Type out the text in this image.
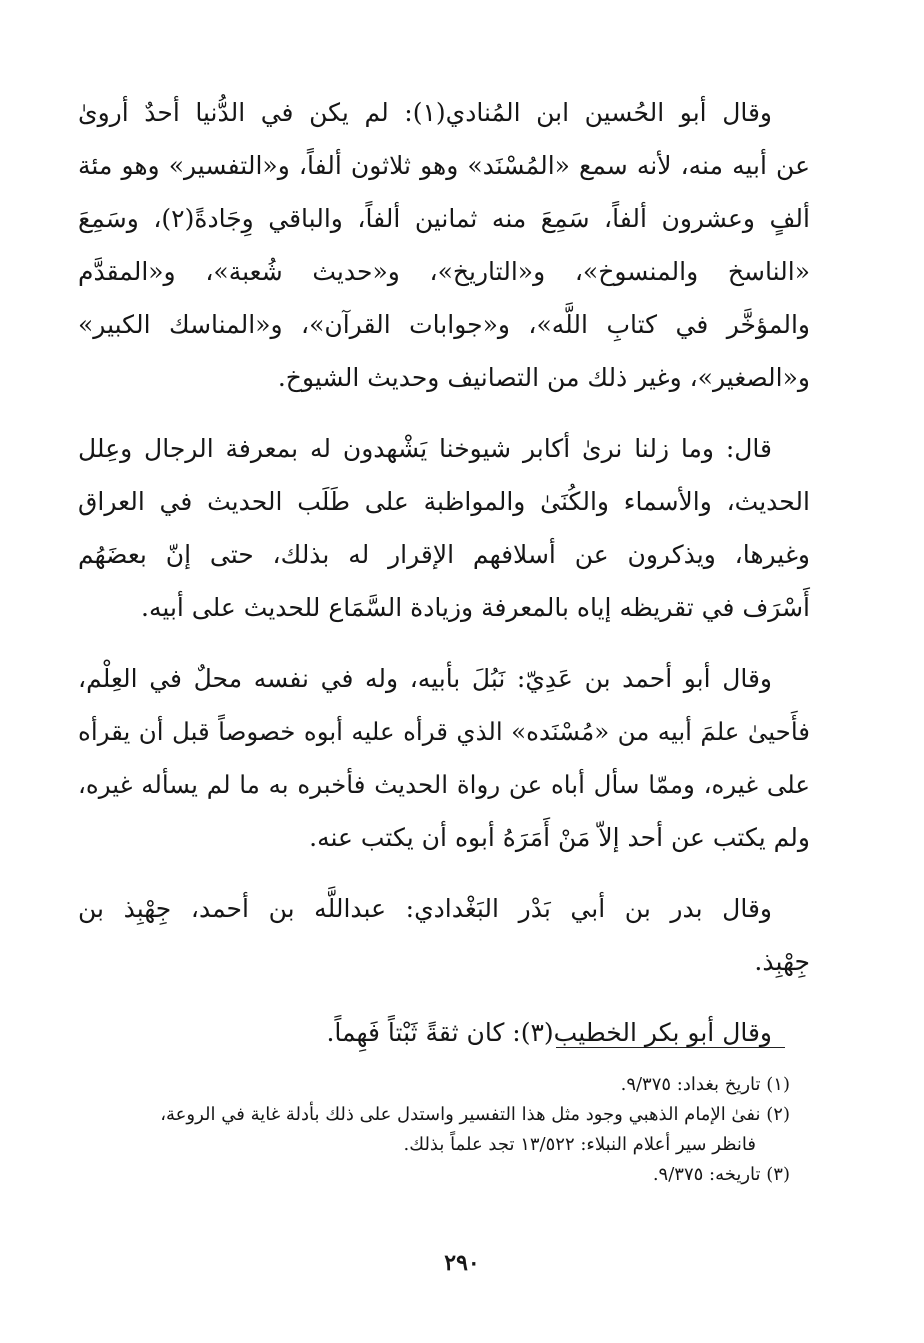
وقال أبو الحُسين ابن المُنادي(١): لم يكن في الدُّنيا أحدٌ أروىٰ
عن أبيه منه، لأنه سمع «المُسْنَد» وهو ثلاثون ألفاً، و«التفسير» وهو مئة
ألفٍ وعشرون ألفاً، سَمِعَ منه ثمانين ألفاً، والباقي وِجَادةً(٢)، وسَمِعَ
«الناسخ والمنسوخ»، و«التاريخ»، و«حديث شُعبة»، و«المقدَّم
والمؤخَّر في كتابِ اللَّه»، و«جوابات القرآن»، و«المناسك الكبير»
و«الصغير»، وغير ذلك من التصانيف وحديث الشيوخ.
قال: وما زلنا نرىٰ أكابر شيوخنا يَشْهدون له بمعرفة الرجال وعِلل
الحديث، والأسماء والكُنَىٰ والمواظبة على طَلَب الحديث في العراق
وغيرها، ويذكرون عن أسلافهم الإقرار له بذلك، حتى إنّ بعضَهُم
أَسْرَف في تقريظه إياه بالمعرفة وزيادة السَّمَاع للحديث على أبيه.
وقال أبو أحمد بن عَدِيّ: نَبُلَ بأبيه، وله في نفسه محلٌ في العِلْم،
فأَحيىٰ علمَ أبيه من «مُسْنَده» الذي قرأه عليه أبوه خصوصاً قبل أن يقرأه
على غيره، وممّا سأل أباه عن رواة الحديث فأخبره به ما لم يسأله غيره،
ولم يكتب عن أحد إلاّ مَنْ أَمَرَهُ أبوه أن يكتب عنه.
وقال بدر بن أبي بَدْر البَغْدادي: عبداللَّه بن أحمد، جِهْبِذ بن
جِهْبِذ.
وقال أبو بكر الخطيب(٣): كان ثقةً ثَبْتاً فَهِماً.
(١) تاريخ بغداد: ٩/٣٧٥.
(٢) نفىٰ الإمام الذهبي وجود مثل هذا التفسير واستدل على ذلك بأدلة غاية في الروعة،
فانظر سير أعلام النبلاء: ١٣/٥٢٢ تجد علماً بذلك.
(٣) تاريخه: ٩/٣٧٥.
٢٩٠
